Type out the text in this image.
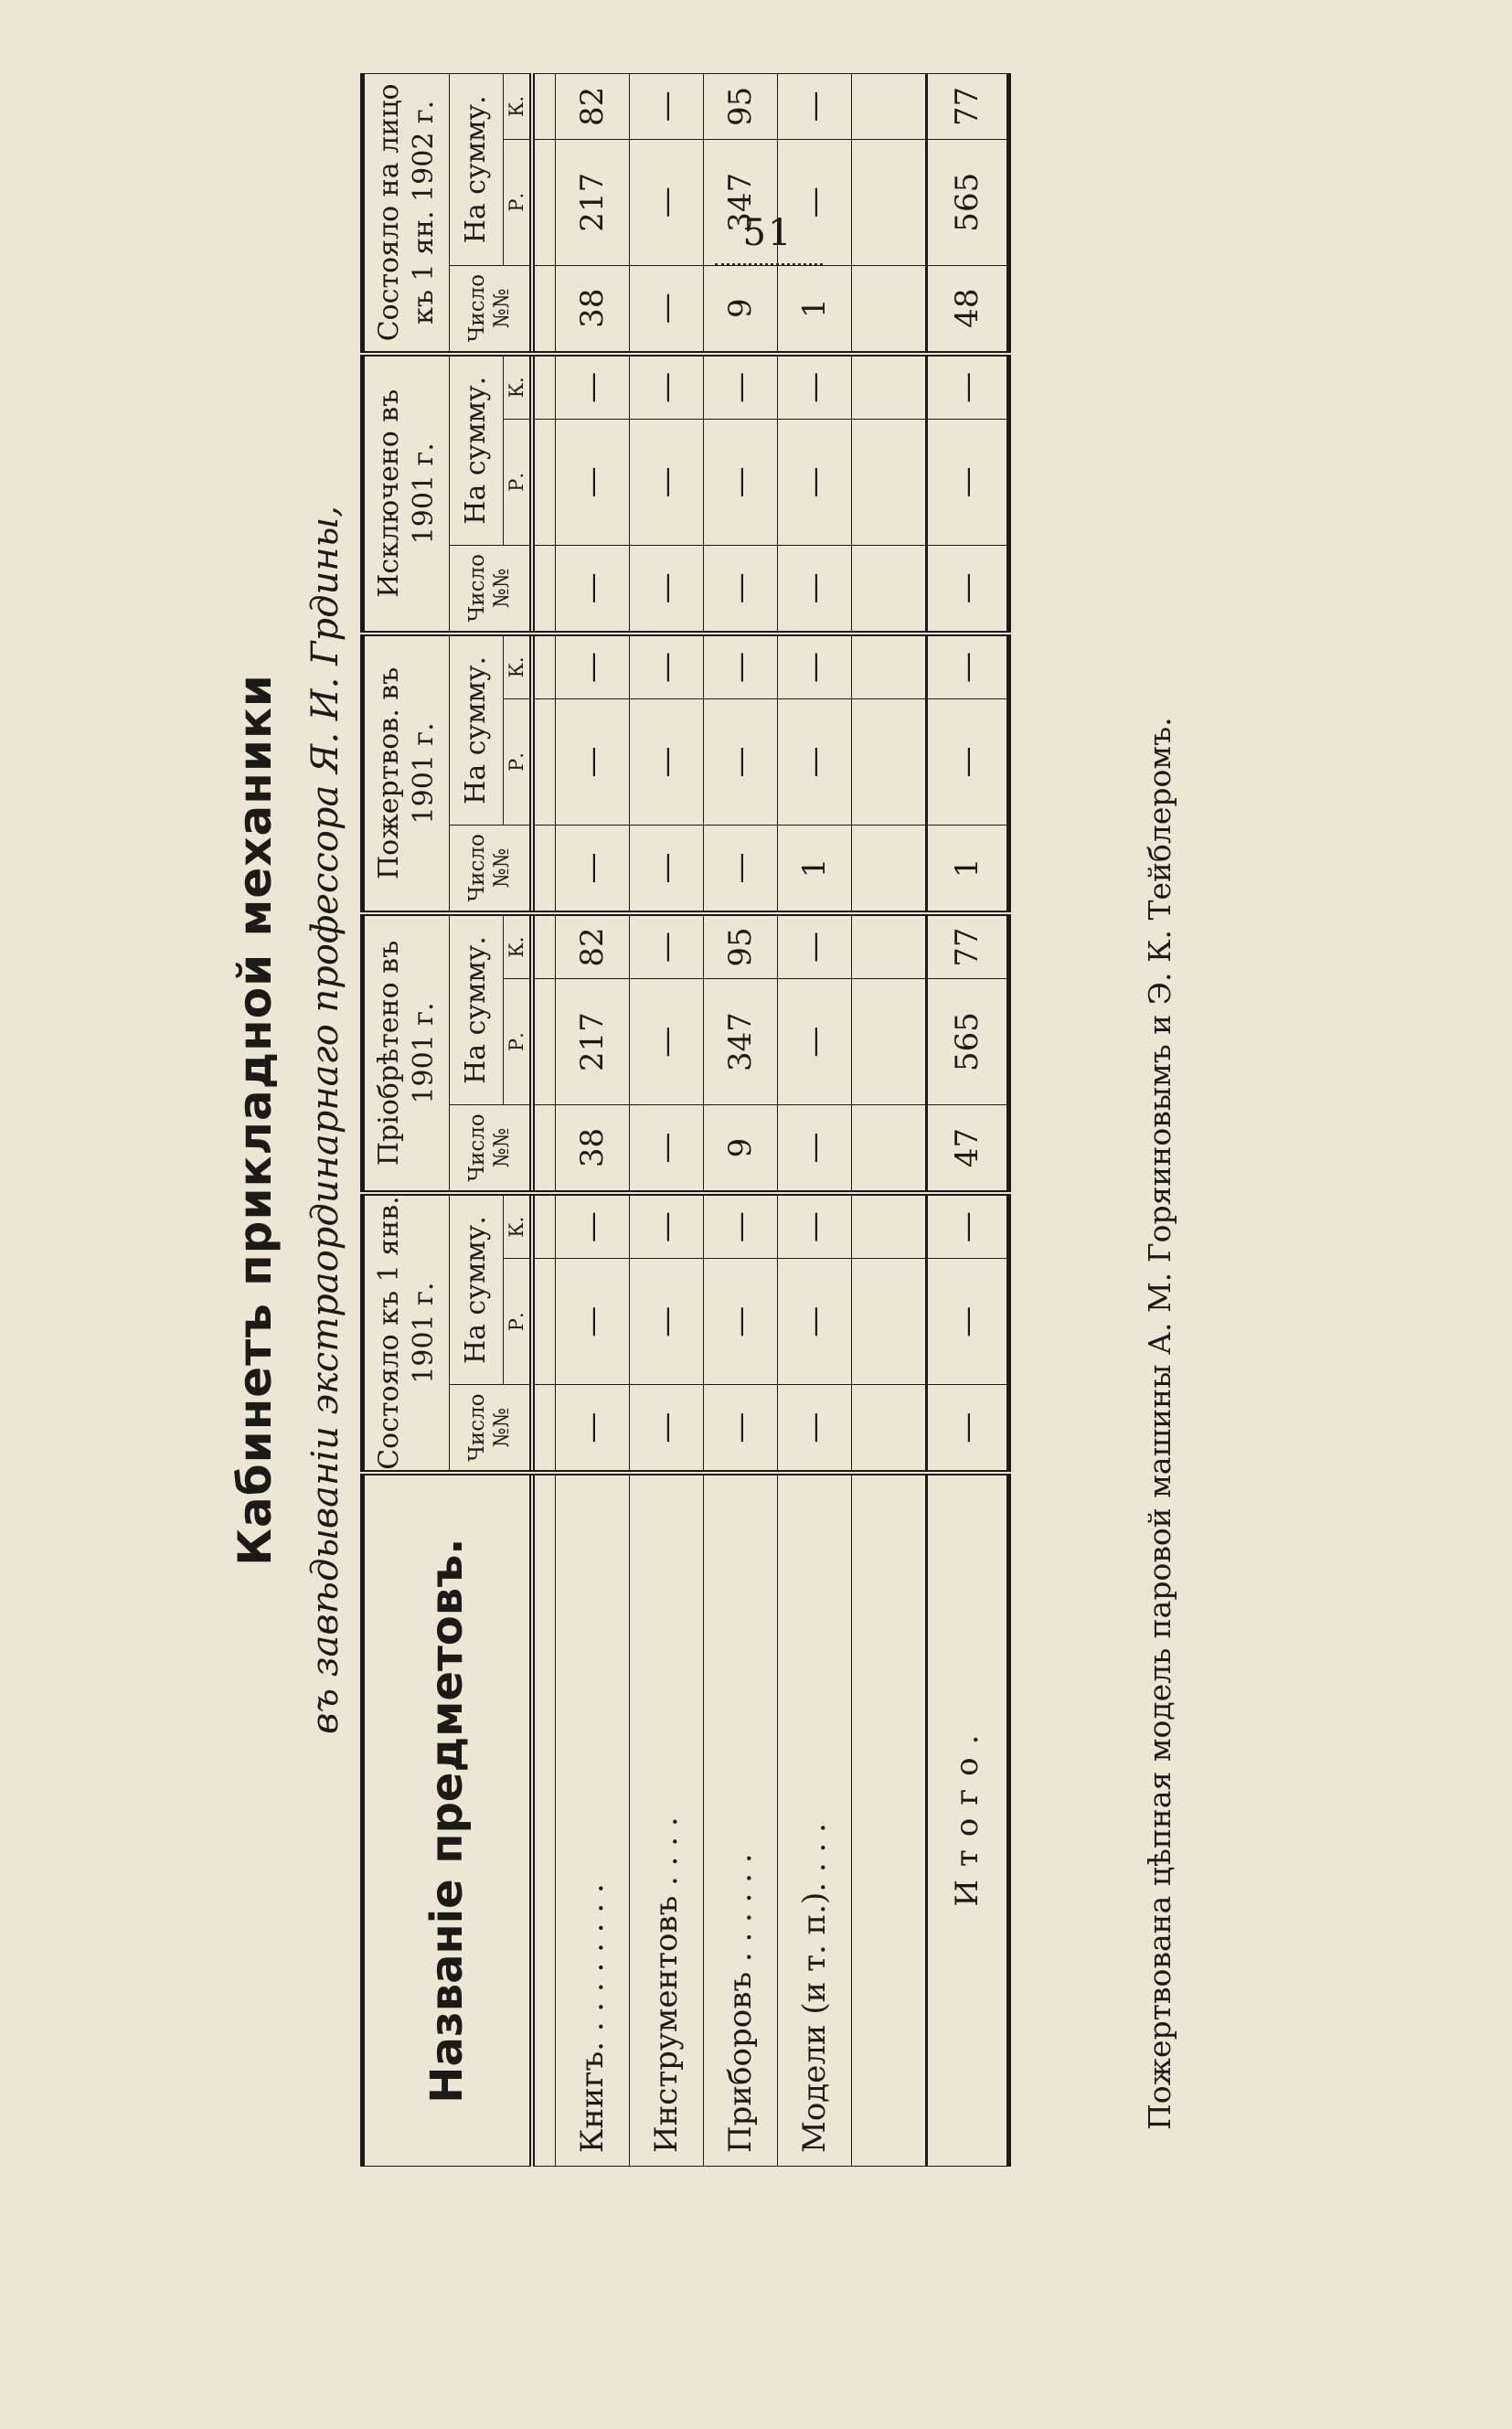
51
Кабинетъ прикладной механики въ завѣдываніи экстраординарнаго профессора Я. И. Грдины,
Названіе предметовъ.	Состояло къ 1 янв. 1901 г.			Пріобрѣтено въ 1901 г.			Пожертвов. въ 1901 г.			Исключено въ 1901 г.			Состояло на лицо къ 1 ян. 1902 г.		
	Число №№	На сумму.		Число №№	На сумму.		Число №№	На сумму.		Число №№	На сумму.		Число №№	На сумму.	
		Р.	К.		Р.	К.		Р.	К.		Р.	К.		Р.	К.

Книгъ. . . . . . . . .	—	—	—	38	217	82	—	—	—	—	—	—	38	217	82
Инструментовъ . . . .	—	—	—	—	—	—	—	—	—	—	—	—	—	—	—
Приборовъ . . . . . .	—	—	—	9	347	95	—	—	—	—	—	—	9	347	95
Модели (и т. п.). . . .	—	—	—	—	—	—	1	—	—	—	—	—	1	—	—

Итого.	—	—	—	47	565	77	1	—	—	—	—	—	48	565	77
Пожертвована цѣпная модель паровой машины А. М. Горяиновымъ и Э. К. Тейблеромъ.
